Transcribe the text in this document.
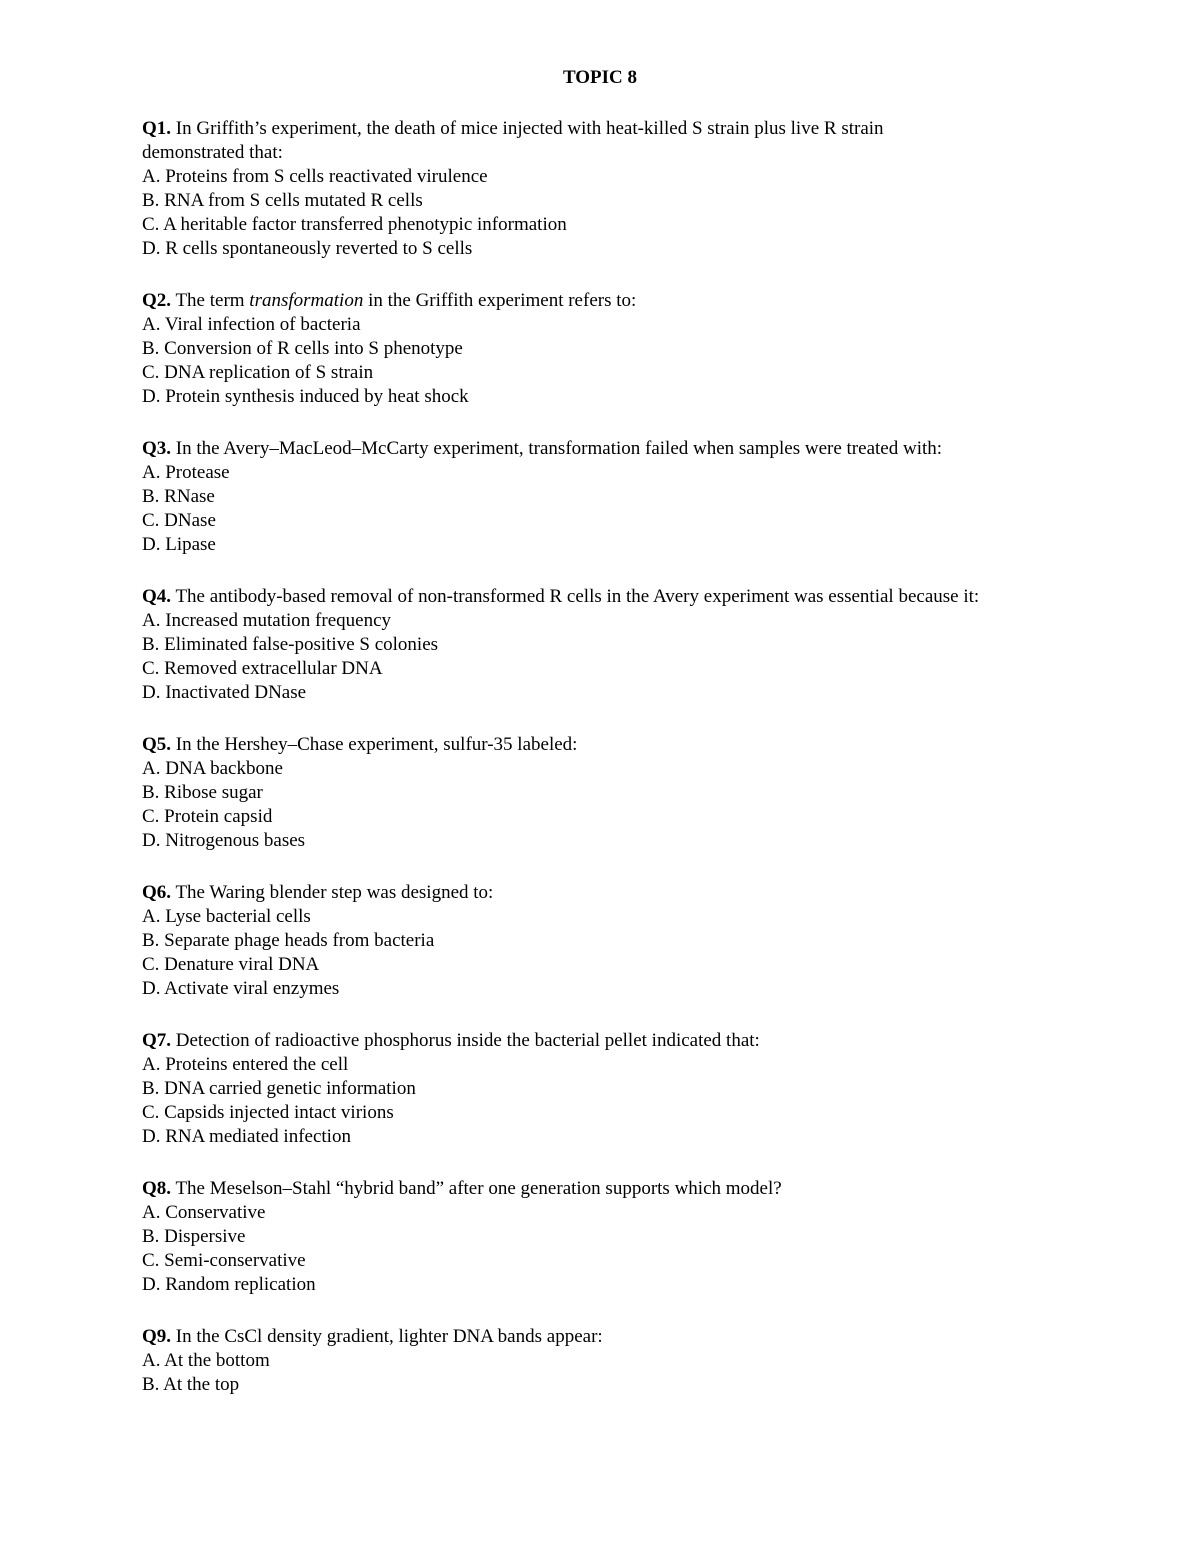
TOPIC 8
Q1. In Griffith’s experiment, the death of mice injected with heat-killed S strain plus live R strain demonstrated that:
A. Proteins from S cells reactivated virulence
B. RNA from S cells mutated R cells
C. A heritable factor transferred phenotypic information
D. R cells spontaneously reverted to S cells
Q2. The term transformation in the Griffith experiment refers to:
A. Viral infection of bacteria
B. Conversion of R cells into S phenotype
C. DNA replication of S strain
D. Protein synthesis induced by heat shock
Q3. In the Avery–MacLeod–McCarty experiment, transformation failed when samples were treated with:
A. Protease
B. RNase
C. DNase
D. Lipase
Q4. The antibody-based removal of non-transformed R cells in the Avery experiment was essential because it:
A. Increased mutation frequency
B. Eliminated false-positive S colonies
C. Removed extracellular DNA
D. Inactivated DNase
Q5. In the Hershey–Chase experiment, sulfur-35 labeled:
A. DNA backbone
B. Ribose sugar
C. Protein capsid
D. Nitrogenous bases
Q6. The Waring blender step was designed to:
A. Lyse bacterial cells
B. Separate phage heads from bacteria
C. Denature viral DNA
D. Activate viral enzymes
Q7. Detection of radioactive phosphorus inside the bacterial pellet indicated that:
A. Proteins entered the cell
B. DNA carried genetic information
C. Capsids injected intact virions
D. RNA mediated infection
Q8. The Meselson–Stahl “hybrid band” after one generation supports which model?
A. Conservative
B. Dispersive
C. Semi-conservative
D. Random replication
Q9. In the CsCl density gradient, lighter DNA bands appear:
A. At the bottom
B. At the top
